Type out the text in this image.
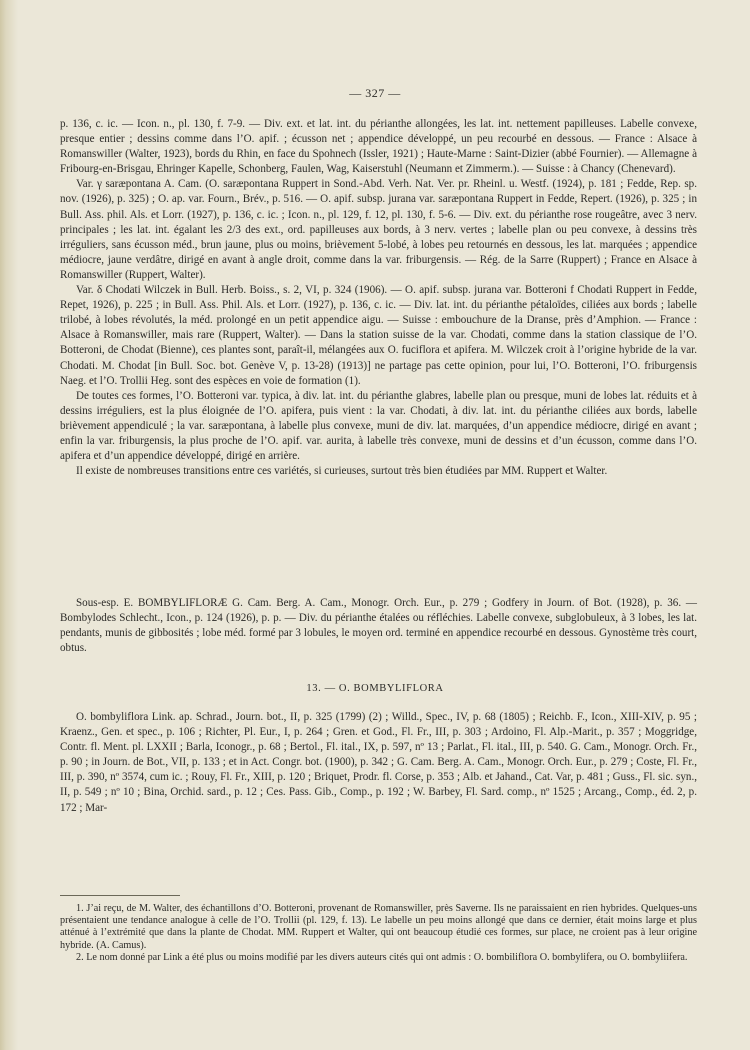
— 327 —

p. 136, c. ic. — Icon. n., pl. 130, f. 7-9. — Div. ext. et lat. int. du périanthe allongées, les lat. int. nettement papilleuses. Labelle convexe, presque entier ; dessins comme dans l’O. apif. ; écusson net ; appendice développé, un peu recourbé en dessous. — France : Alsace à Romanswiller (Walter, 1923), bords du Rhin, en face du Spohnech (Issler, 1921) ; Haute-Marne : Saint-Dizier (abbé Fournier). — Allemagne à Fribourg-en-Brisgau, Ehringer Kapelle, Schonberg, Faulen, Wag, Kaiserstuhl (Neumann et Zimmerm.). — Suisse : à Chancy (Chenevard).

Var. γ saræpontana A. Cam. (O. saræpontana Ruppert in Sond.-Abd. Verh. Nat. Ver. pr. Rheinl. u. Westf. (1924), p. 181 ; Fedde, Rep. sp. nov. (1926), p. 325) ; O. ap. var. Fourn., Brév., p. 516. — O. apif. subsp. jurana var. saræpontana Ruppert in Fedde, Repert. (1926), p. 325 ; in Bull. Ass. phil. Als. et Lorr. (1927), p. 136, c. ic. ; Icon. n., pl. 129, f. 12, pl. 130, f. 5-6. — Div. ext. du périanthe rose rougeâtre, avec 3 nerv. principales ; les lat. int. égalant les 2/3 des ext., ord. papilleuses aux bords, à 3 nerv. vertes ; labelle plan ou peu convexe, à dessins très irréguliers, sans écusson méd., brun jaune, plus ou moins, brièvement 5-lobé, à lobes peu retournés en dessous, les lat. marquées ; appendice médiocre, jaune verdâtre, dirigé en avant à angle droit, comme dans la var. friburgensis. — Rég. de la Sarre (Ruppert) ; France en Alsace à Romanswiller (Ruppert, Walter).

Var. δ Chodati Wilczek in Bull. Herb. Boiss., s. 2, VI, p. 324 (1906). — O. apif. subsp. jurana var. Botteroni f Chodati Ruppert in Fedde, Repet, 1926), p. 225 ; in Bull. Ass. Phil. Als. et Lorr. (1927), p. 136, c. ic. — Div. lat. int. du périanthe pétaloïdes, ciliées aux bords ; labelle trilobé, à lobes révolutés, la méd. prolongé en un petit appendice aigu. — Suisse : embouchure de la Dranse, près d’Amphion. — France : Alsace à Romanswiller, mais rare (Ruppert, Walter). — Dans la station suisse de la var. Chodati, comme dans la station classique de l’O. Botteroni, de Chodat (Bienne), ces plantes sont, paraît-il, mélangées aux O. fuciflora et apifera. M. Wilczek croit à l’origine hybride de la var. Chodati. M. Chodat [in Bull. Soc. bot. Genève V, p. 13-28) (1913)] ne partage pas cette opinion, pour lui, l’O. Botteroni, l’O. friburgensis Naeg. et l’O. Trollii Heg. sont des espèces en voie de formation (1).

De toutes ces formes, l’O. Botteroni var. typica, à div. lat. int. du périanthe glabres, labelle plan ou presque, muni de lobes lat. réduits et à dessins irréguliers, est la plus éloignée de l’O. apifera, puis vient : la var. Chodati, à div. lat. int. du périanthe ciliées aux bords, labelle brièvement appendiculé ; la var. saræpontana, à labelle plus convexe, muni de div. lat. marquées, d’un appendice médiocre, dirigé en avant ; enfin la var. friburgensis, la plus proche de l’O. apif. var. aurita, à labelle très convexe, muni de dessins et d’un écusson, comme dans l’O. apifera et d’un appendice développé, dirigé en arrière.

Il existe de nombreuses transitions entre ces variétés, si curieuses, surtout très bien étudiées par MM. Ruppert et Walter.

Sous-esp. E. BOMBYLIFLORÆ G. Cam. Berg. A. Cam., Monogr. Orch. Eur., p. 279 ; Godfery in Journ. of Bot. (1928), p. 36. — Bombylodes Schlecht., Icon., p. 124 (1926), p. p. — Div. du périanthe étalées ou réfléchies. Labelle convexe, subglobuleux, à 3 lobes, les lat. pendants, munis de gibbosités ; lobe méd. formé par 3 lobules, le moyen ord. terminé en appendice recourbé en dessous. Gynostème très court, obtus.

13. — O. BOMBYLIFLORA

O. bombyliflora Link. ap. Schrad., Journ. bot., II, p. 325 (1799) (2) ; Willd., Spec., IV, p. 68 (1805) ; Reichb. F., Icon., XIII-XIV, p. 95 ; Kraenz., Gen. et spec., p. 106 ; Richter, Pl. Eur., I, p. 264 ; Gren. et God., Fl. Fr., III, p. 303 ; Ardoino, Fl. Alp.-Marit., p. 357 ; Moggridge, Contr. fl. Ment. pl. LXXII ; Barla, Iconogr., p. 68 ; Bertol., Fl. ital., IX, p. 597, nº 13 ; Parlat., Fl. ital., III, p. 540. G. Cam., Monogr. Orch. Fr., p. 90 ; in Journ. de Bot., VII, p. 133 ; et in Act. Congr. bot. (1900), p. 342 ; G. Cam. Berg. A. Cam., Monogr. Orch. Eur., p. 279 ; Coste, Fl. Fr., III, p. 390, nº 3574, cum ic. ; Rouy, Fl. Fr., XIII, p. 120 ; Briquet, Prodr. fl. Corse, p. 353 ; Alb. et Jahand., Cat. Var, p. 481 ; Guss., Fl. sic. syn., II, p. 549 ; nº 10 ; Bina, Orchid. sard., p. 12 ; Ces. Pass. Gib., Comp., p. 192 ; W. Barbey, Fl. Sard. comp., nº 1525 ; Arcang., Comp., éd. 2, p. 172 ; Mar-

1. J’ai reçu, de M. Walter, des échantillons d’O. Botteroni, provenant de Romanswiller, près Saverne. Ils ne paraissaient en rien hybrides. Quelques-uns présentaient une tendance analogue à celle de l’O. Trollii (pl. 129, f. 13). Le labelle un peu moins allongé que dans ce dernier, était moins large et plus atténué à l’extrémité que dans la plante de Chodat. MM. Ruppert et Walter, qui ont beaucoup étudié ces formes, sur place, ne croient pas à leur origine hybride. (A. Camus).

2. Le nom donné par Link a été plus ou moins modifié par les divers auteurs cités qui ont admis : O. bombiliflora O. bombylifera, ou O. bombyliifera.
